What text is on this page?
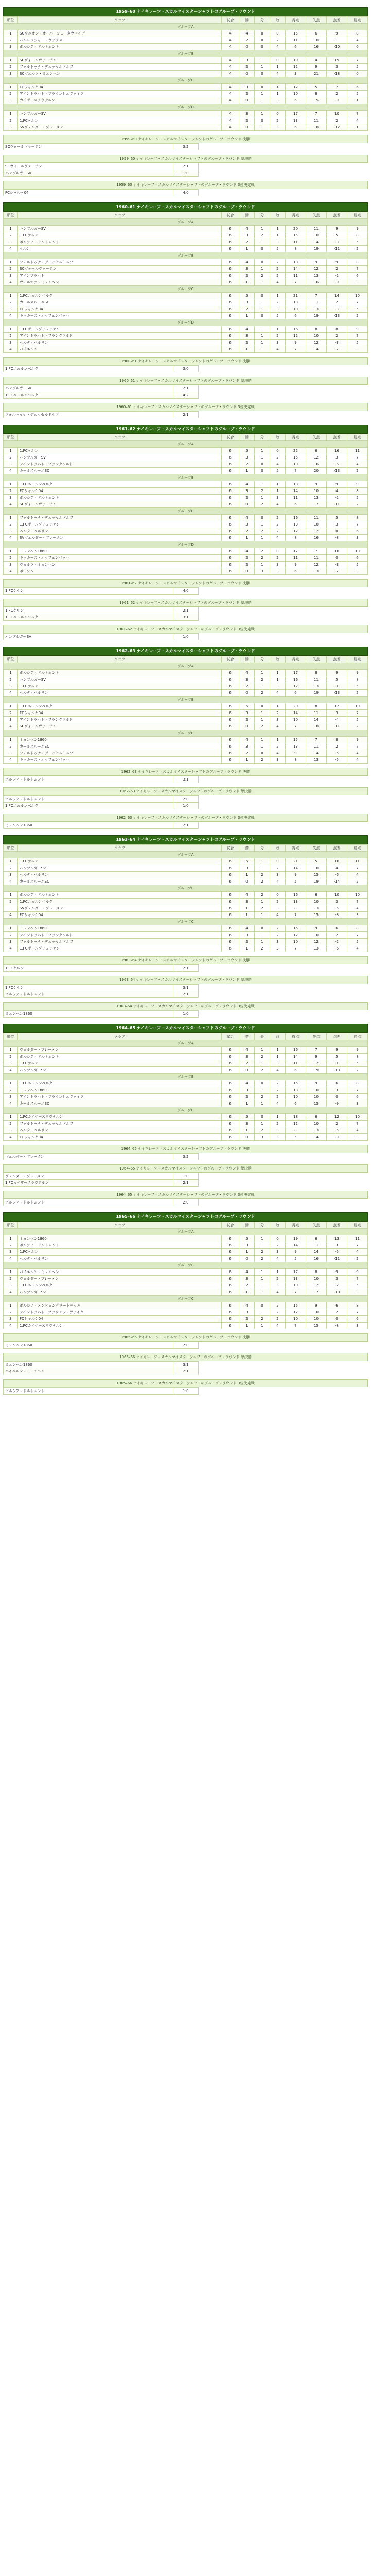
1959–60 ナイキレーフ・スカルマイスターシャフトのグループ・ラウンド
順位	クラブ	試合	勝	分	敗	得点	失点	点差	勝点
グループA									
1	SCウニオン・オーバーシェーネヴァイデ	4	4	0	0	15	6	9	8
2	ハルレッシャー・ヴァクス	4	2	0	2	11	10	1	4
3	ボルシア・ドルトムント	4	0	0	4	6	16	-10	0
グループB									
1	SCヴォールヴァーテン	4	3	1	0	19	4	15	7
2	フォルトゥナ・デュッセルドルフ	4	2	1	1	12	9	3	5
3	SCヴュルツ・ミュンヘン	4	0	0	4	3	21	-18	0
グループC									
1	FCシャルケ04	4	3	0	1	12	5	7	6
2	アイントラハト・ブラウンシュヴァイク	4	2	1	1	10	8	2	5
3	カイザースラウテルン	4	0	1	3	6	15	-9	1
グループD									
1	ハンブルガーSV	4	3	1	0	17	7	10	7
2	1.FCケルン	4	2	0	2	13	11	2	4
3	SVヴェルダー・ブレーメン	4	0	1	3	6	18	-12	1
1959–60 ナイキレーフ・スカルマイスターシャフトのグループ・ラウンド 決勝
SCヴォールヴァーテン	3:2
1959–60 ナイキレーフ・スカルマイスターシャフトのグループ・ラウンド 準決勝
SCヴォールヴァーテン	2:1
ハンブルガーSV	1:0
1959–60 ナイキレーフ・スカルマイスターシャフトのグループ・ラウンド 3位決定戦
FCシャルケ04	4:0
1960–61 ナイキレーフ・スカルマイスターシャフトのグループ・ラウンド
順位	クラブ	試合	勝	分	敗	得点	失点	点差	勝点
グループA									
1	ハンブルガーSV	6	4	1	1	20	11	9	9
2	1.FCケルン	6	3	2	1	15	10	5	8
3	ボルシア・ドルトムント	6	2	1	3	11	14	-3	5
4	ケルン	6	1	0	5	8	19	-11	2
グループB									
1	フォルトゥナ・デュッセルドルフ	6	4	0	2	18	9	9	8
2	SCヴォールヴァーテン	6	3	1	2	14	12	2	7
3	アインプラハト	6	2	2	2	11	13	-2	6
4	ヴォルマツ・ミュンヘン	6	1	1	4	7	16	-9	3
グループC									
1	1.FCニュルンベルク	6	5	0	1	21	7	14	10
2	カールスルーエSC	6	3	1	2	13	11	2	7
3	FCシャルケ04	6	2	1	3	10	13	-3	5
4	キッカーズ・オッフェンバッハ	6	1	0	5	6	19	-13	2
グループD									
1	1.FCザールブリュッケン	6	4	1	1	16	8	8	9
2	アイントラハト・フランクフルト	6	3	1	2	12	10	2	7
3	ヘルタ・ベルリン	6	2	1	3	9	12	-3	5
4	バイエルン	6	1	1	4	7	14	-7	3
1960–61 ナイキレーフ・スカルマイスターシャフトのグループ・ラウンド 決勝
1.FCニュルンベルク	3:0
1960–61 ナイキレーフ・スカルマイスターシャフトのグループ・ラウンド 準決勝
ハンブルガーSV	2:1
1.FCニュルンベルク	4:2
1960–61 ナイキレーフ・スカルマイスターシャフトのグループ・ラウンド 3位決定戦
フォルトゥナ・デュッセルドルフ	2:1
1961–62 ナイキレーフ・スカルマイスターシャフトのグループ・ラウンド
順位	クラブ	試合	勝	分	敗	得点	失点	点差	勝点
グループA									
1	1.FCケルン	6	5	1	0	22	6	16	11
2	ハンブルガーSV	6	3	1	2	15	12	3	7
3	アイントラハト・フランクフルト	6	2	0	4	10	16	-6	4
4	カールスルーエSC	6	1	0	5	7	20	-13	2
グループB									
1	1.FCニュルンベルク	6	4	1	1	18	9	9	9
2	FCシャルケ04	6	3	2	1	14	10	4	8
3	ボルシア・ドルトムント	6	2	1	3	11	13	-2	5
4	SCヴォールヴァーテン	6	0	2	4	6	17	-11	2
グループC									
1	フォルトゥナ・デュッセルドルフ	6	4	0	2	16	11	5	8
2	1.FCザールブリュッケン	6	3	1	2	13	10	3	7
3	ヘルタ・ベルリン	6	2	2	2	12	12	0	6
4	SVヴェルダー・ブレーメン	6	1	1	4	8	16	-8	3
グループD									
1	ミュンヘン1860	6	4	2	0	17	7	10	10
2	キッカーズ・オッフェンバッハ	6	2	2	2	11	11	0	6
3	ヴュルツ・ミュンヘン	6	2	1	3	9	12	-3	5
4	ボーフム	6	0	3	3	6	13	-7	3
1961–62 ナイキレーフ・スカルマイスターシャフトのグループ・ラウンド 決勝
1.FCケルン	4:0
1961–62 ナイキレーフ・スカルマイスターシャフトのグループ・ラウンド 準決勝
1.FCケルン	2:1
1.FCニュルンベルク	3:1
1961–62 ナイキレーフ・スカルマイスターシャフトのグループ・ラウンド 3位決定戦
ハンブルガーSV	1:0
1962–63 ナイキレーフ・スカルマイスターシャフトのグループ・ラウンド
順位	クラブ	試合	勝	分	敗	得点	失点	点差	勝点
グループA									
1	ボルシア・ドルトムント	6	4	1	1	17	8	9	9
2	ハンブルガーSV	6	3	2	1	16	11	5	8
3	1.FCケルン	6	2	1	3	12	13	-1	5
4	ヘルタ・ベルリン	6	0	2	4	6	19	-13	2
グループB									
1	1.FCニュルンベルク	6	5	0	1	20	8	12	10
2	FCシャルケ04	6	3	1	2	14	11	3	7
3	アイントラハト・フランクフルト	6	2	1	3	10	14	-4	5
4	SCヴォールヴァーテン	6	0	2	4	7	18	-11	2
グループC									
1	ミュンヘン1860	6	4	1	1	15	7	8	9
2	カールスルーエSC	6	3	1	2	13	11	2	7
3	フォルトゥナ・デュッセルドルフ	6	2	0	4	9	14	-5	4
4	キッカーズ・オッフェンバッハ	6	1	2	3	8	13	-5	4
1962–63 ナイキレーフ・スカルマイスターシャフトのグループ・ラウンド 決勝
ボルシア・ドルトムント	3:1
1962–63 ナイキレーフ・スカルマイスターシャフトのグループ・ラウンド 準決勝
ボルシア・ドルトムント	2:0
1.FCニュルンベルク	1:0
1962–63 ナイキレーフ・スカルマイスターシャフトのグループ・ラウンド 3位決定戦
ミュンヘン1860	2:1
1963–64 ナイキレーフ・スカルマイスターシャフトのグループ・ラウンド
順位	クラブ	試合	勝	分	敗	得点	失点	点差	勝点
グループA									
1	1.FCケルン	6	5	1	0	21	5	16	11
2	ハンブルガーSV	6	3	1	2	14	10	4	7
3	ヘルタ・ベルリン	6	1	2	3	9	15	-6	4
4	カールスルーエSC	6	0	2	4	5	19	-14	2
グループB									
1	ボルシア・ドルトムント	6	4	2	0	16	6	10	10
2	1.FCニュルンベルク	6	3	1	2	13	10	3	7
3	SVヴェルダー・ブレーメン	6	1	2	3	8	13	-5	4
4	FCシャルケ04	6	1	1	4	7	15	-8	3
グループC									
1	ミュンヘン1860	6	4	0	2	15	9	6	8
2	アイントラハト・フランクフルト	6	3	1	2	12	10	2	7
3	フォルトゥナ・デュッセルドルフ	6	2	1	3	10	12	-2	5
4	1.FCザールブリュッケン	6	1	2	3	7	13	-6	4
1963–64 ナイキレーフ・スカルマイスターシャフトのグループ・ラウンド 決勝
1.FCケルン	2:1
1963–64 ナイキレーフ・スカルマイスターシャフトのグループ・ラウンド 準決勝
1.FCケルン	3:1
ボルシア・ドルトムント	2:1
1963–64 ナイキレーフ・スカルマイスターシャフトのグループ・ラウンド 3位決定戦
ミュンヘン1860	1:0
1964–65 ナイキレーフ・スカルマイスターシャフトのグループ・ラウンド
順位	クラブ	試合	勝	分	敗	得点	失点	点差	勝点
グループA									
1	ヴェルダー・ブレーメン	6	4	1	1	16	7	9	9
2	ボルシア・ドルトムント	6	3	2	1	14	9	5	8
3	1.FCケルン	6	2	1	3	11	12	-1	5
4	ハンブルガーSV	6	0	2	4	6	19	-13	2
グループB									
1	1.FCニュルンベルク	6	4	0	2	15	9	6	8
2	ミュンヘン1860	6	3	1	2	13	10	3	7
3	アイントラハト・ブラウンシュヴァイク	6	2	2	2	10	10	0	6
4	カールスルーエSC	6	1	1	4	6	15	-9	3
グループC									
1	1.FCカイザースラウテルン	6	5	0	1	18	6	12	10
2	フォルトゥナ・デュッセルドルフ	6	3	1	2	12	10	2	7
3	ヘルタ・ベルリン	6	1	2	3	8	13	-5	4
4	FCシャルケ04	6	0	3	3	5	14	-9	3
1964–65 ナイキレーフ・スカルマイスターシャフトのグループ・ラウンド 決勝
ヴェルダー・ブレーメン	3:2
1964–65 ナイキレーフ・スカルマイスターシャフトのグループ・ラウンド 準決勝
ヴェルダー・ブレーメン	1:0
1.FCカイザースラウテルン	2:1
1964–65 ナイキレーフ・スカルマイスターシャフトのグループ・ラウンド 3位決定戦
ボルシア・ドルトムント	2:0
1965–66 ナイキレーフ・スカルマイスターシャフトのグループ・ラウンド
順位	クラブ	試合	勝	分	敗	得点	失点	点差	勝点
グループA									
1	ミュンヘン1860	6	5	1	0	19	6	13	11
2	ボルシア・ドルトムント	6	3	1	2	14	11	3	7
3	1.FCケルン	6	1	2	3	9	14	-5	4
4	ヘルタ・ベルリン	6	0	2	4	5	16	-11	2
グループB									
1	バイエルン・ミュンヘン	6	4	1	1	17	8	9	9
2	ヴェルダー・ブレーメン	6	3	1	2	13	10	3	7
3	1.FCニュルンベルク	6	2	1	3	10	12	-2	5
4	ハンブルガーSV	6	1	1	4	7	17	-10	3
グループC									
1	ボルシア・メンヒェングラートバッハ	6	4	0	2	15	9	6	8
2	アイントラハト・ブラウンシュヴァイク	6	3	1	2	12	10	2	7
3	FCシャルケ04	6	2	2	2	10	10	0	6
4	1.FCカイザースラウテルン	6	1	1	4	7	15	-8	3
1965–66 ナイキレーフ・スカルマイスターシャフトのグループ・ラウンド 決勝
ミュンヘン1860	2:0
1965–66 ナイキレーフ・スカルマイスターシャフトのグループ・ラウンド 準決勝
ミュンヘン1860	3:1
バイエルン・ミュンヘン	2:1
1965–66 ナイキレーフ・スカルマイスターシャフトのグループ・ラウンド 3位決定戦
ボルシア・ドルトムント	1:0
